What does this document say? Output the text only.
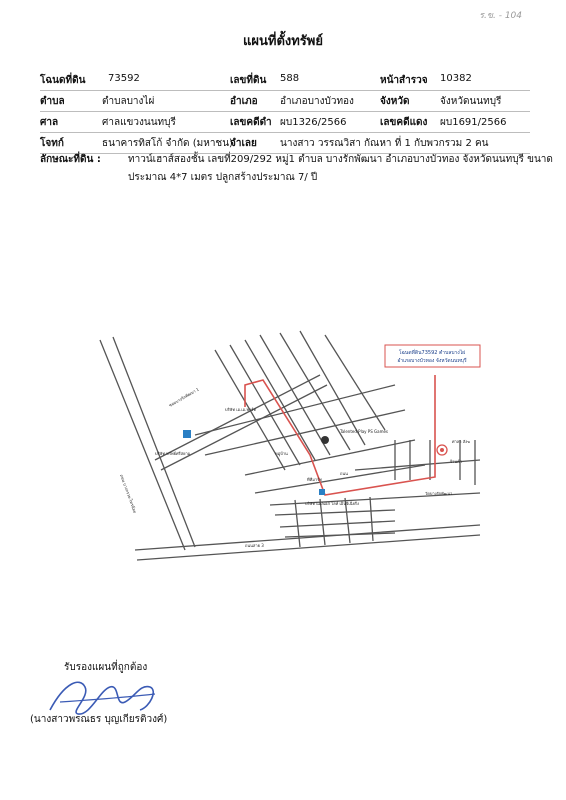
ร.ข. - 104
แผนที่ตั้งทรัพย์
โฉนดที่ดิน 73592	เลขที่ดิน 588	หน้าสำรวจ 10382
ตำบล	ตำบลบางไผ่	อำเภอ อำเภอบางบัวทอง	จังหวัด	จังหวัดนนทบุรี
ศาล	ศาลแขวงนนทบุรี	เลขคดีดำ ผบ1326/2566	เลขคดีแดง ผบ1691/2566
โจทก์	ธนาคารทิสโก้ จำกัด (มหาชน)
จำเลย นางสาว วรรณวิสา กัณหา ที่ 1 กับพวกรวม 2 คน
ลักษณะที่ดิน :	ทาวน์เฮาส์สองชั้น เลขที่209/292 หมู่1 ตำบล บางรักพัฒนา อำเภอบางบัวทอง จังหวัดนนทบุรี ขนาด
ประมาณ 4*7 เมตร ปลูกสร้างประมาณ 7/ ปี
โฉนดที่ดิน73592 ตำบลบางไผ่
อำเภอบางบัวทอง จังหวัดนนทบุรี
ซอยบางรักพัฒนา 1
บริษัท เอ.เอ.พาร์ท
บริษัท ทรัพย์ศรีสยาม
Talented Play PS Games
หมู่บ้าน
ร้านค้า
ถนน
ทีทีมาร์ท
บริษัท แอลเอส ไลท์ เอ็นจิเนียริ่ง
ถนนสาย 3
ถนน บางกรวย-ไทรน้อย	วัดบางรักพัฒนา
ศาลา สังฆ
รับรองแผนที่ถูกต้อง
(นางสาวพรณธร บุญเกียรติวงศ์)
